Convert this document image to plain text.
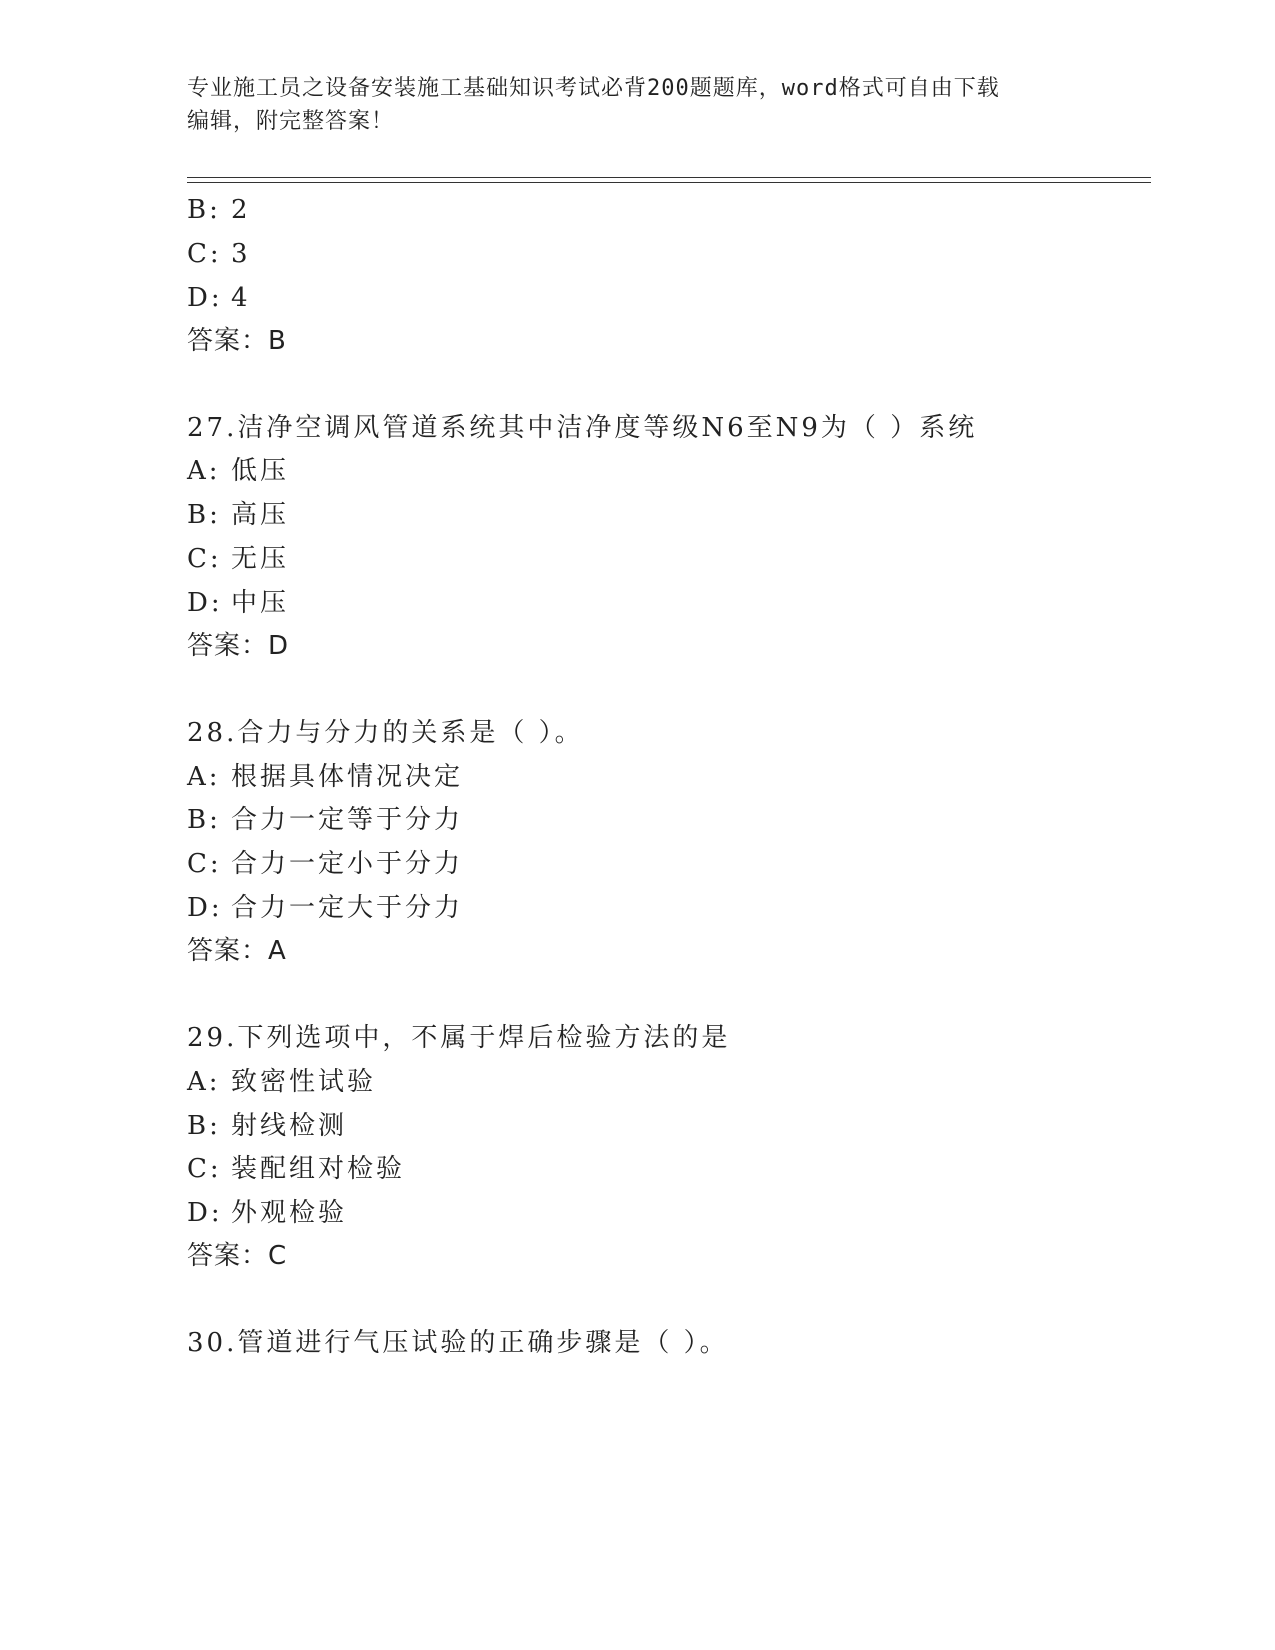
专业施工员之设备安装施工基础知识考试必背200题题库，word格式可自由下载
编辑，附完整答案！
B: 2
C: 3
D: 4
答案：B
27.洁净空调风管道系统其中洁净度等级N6至N9为（ ）系统
A: 低压
B: 高压
C: 无压
D: 中压
答案：D
28.合力与分力的关系是（ ）。
A: 根据具体情况决定
B: 合力一定等于分力
C: 合力一定小于分力
D: 合力一定大于分力
答案：A
29.下列选项中，不属于焊后检验方法的是
A: 致密性试验
B: 射线检测
C: 装配组对检验
D: 外观检验
答案：C
30.管道进行气压试验的正确步骤是（ ）。
